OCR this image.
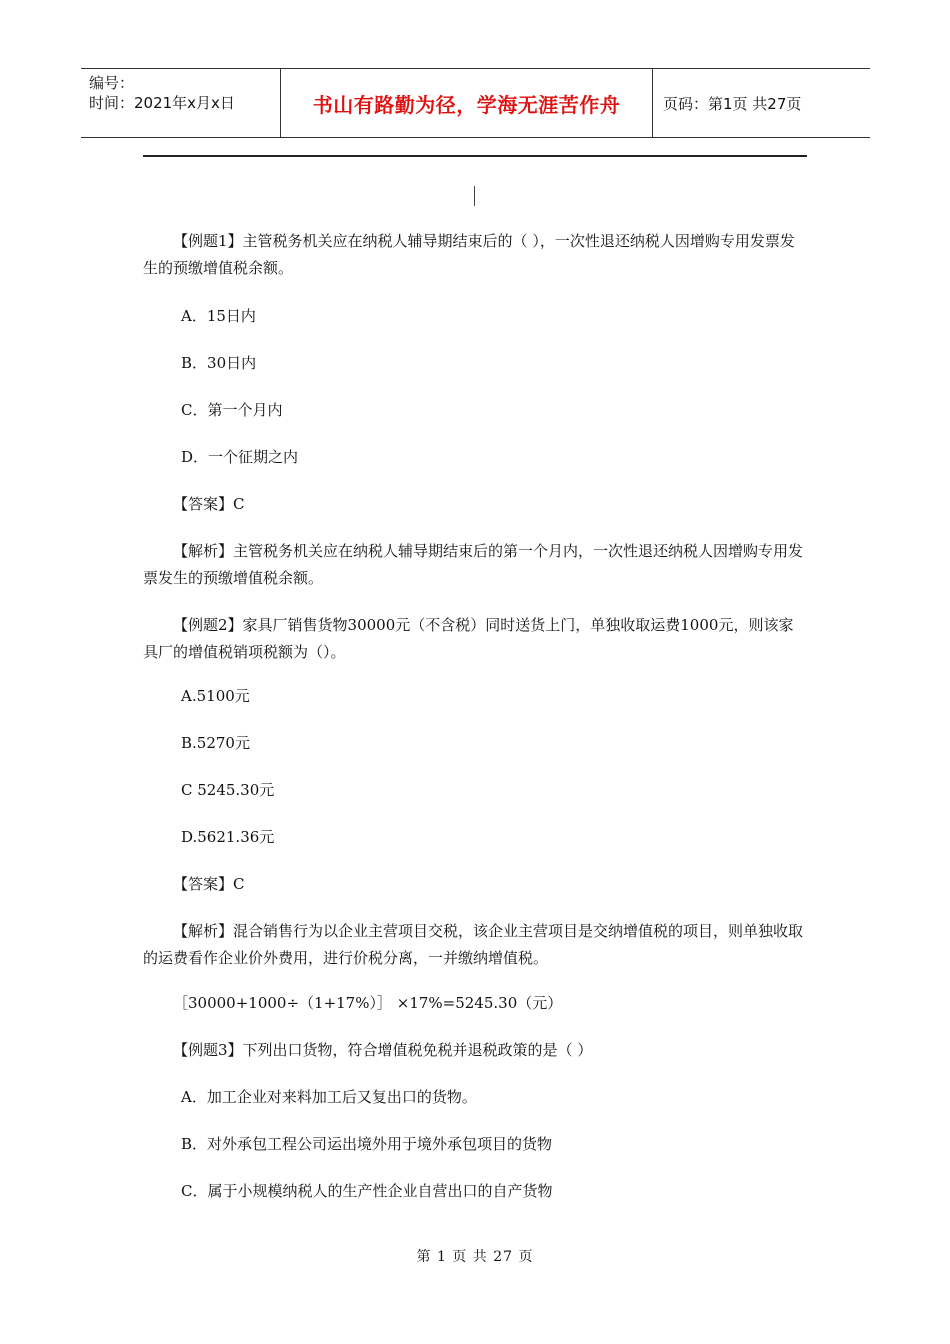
编号：
时间：2021年x月x日	书山有路勤为径，学海无涯苦作舟	页码：第1页 共27页
【例题1】主管税务机关应在纳税人辅导期结束后的（ ），一次性退还纳税人因增购专用发票发生的预缴增值税余额。
A．15日内
B．30日内
C．第一个月内
D．一个征期之内
【答案】C
【解析】主管税务机关应在纳税人辅导期结束后的第一个月内，一次性退还纳税人因增购专用发票发生的预缴增值税余额。
【例题2】家具厂销售货物30000元（不含税）同时送货上门，单独收取运费1000元，则该家具厂的增值税销项税额为（）。
A.5100元
B.5270元
C 5245.30元
D.5621.36元
【答案】C
【解析】混合销售行为以企业主营项目交税，该企业主营项目是交纳增值税的项目，则单独收取的运费看作企业价外费用，进行价税分离，一并缴纳增值税。
［30000+1000÷（1+17%）］ ×17%=5245.30（元）
【例题3】下列出口货物，符合增值税免税并退税政策的是（ ）
A．加工企业对来料加工后又复出口的货物。
B．对外承包工程公司运出境外用于境外承包项目的货物
C．属于小规模纳税人的生产性企业自营出口的自产货物
第 1 页 共 27 页
